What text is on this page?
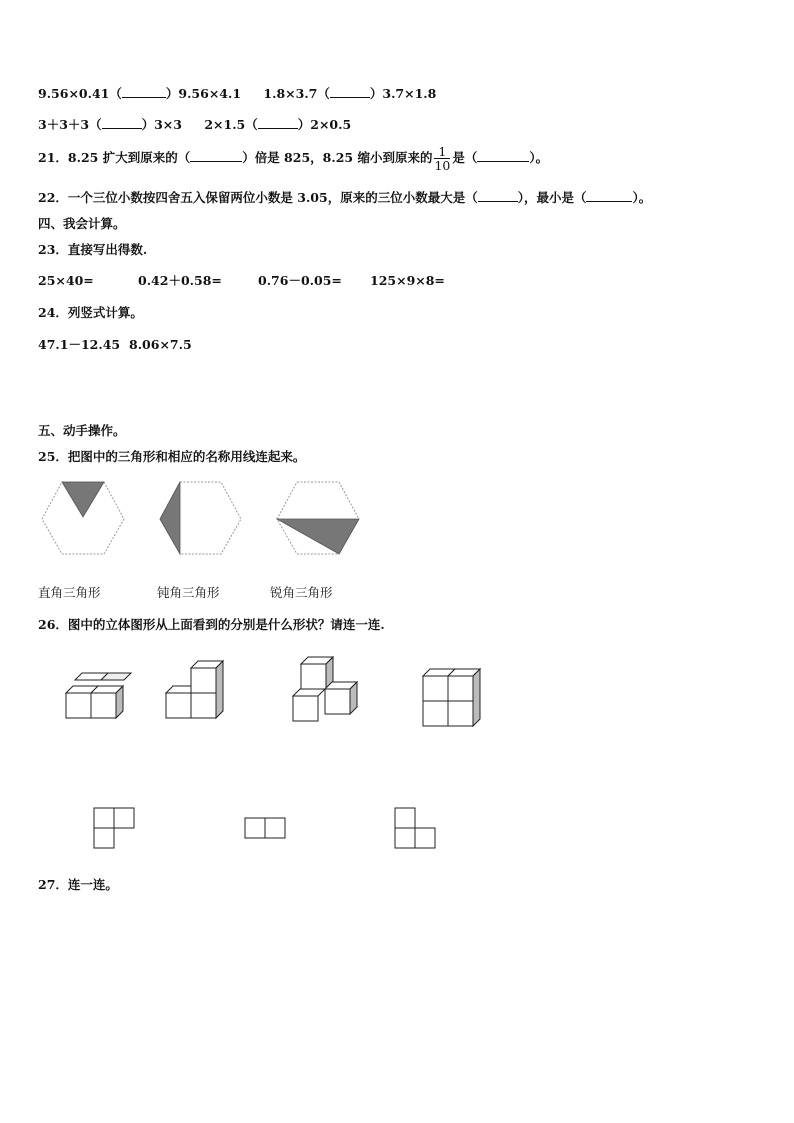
9.56×0.41（	）9.56×4.1 1.8×3.7（	）3.7×1.8
3＋3＋3（	）3×3 2×1.5（	）2×0.5
21．8.25 扩大到原来的（	）倍是 825，8.25 缩小到原来的 $\frac{1}{10}$ 是（	）。
22．一个三位小数按四舍五入保留两位小数是 3.05，原来的三位小数最大是（	），最小是（	）。
四、我会计算。
23．直接写出得数.
25×40=	0.42＋0.58=	0.76－0.05= 125×9×8=
24．列竖式计算。
47.1－12.45 8.06×7.5
五、动手操作。
25．把图中的三角形和相应的名称用线连起来。
直角三角形	钝角三角形	锐角三角形
26．图中的立体图形从上面看到的分别是什么形状？请连一连.
27．连一连。
